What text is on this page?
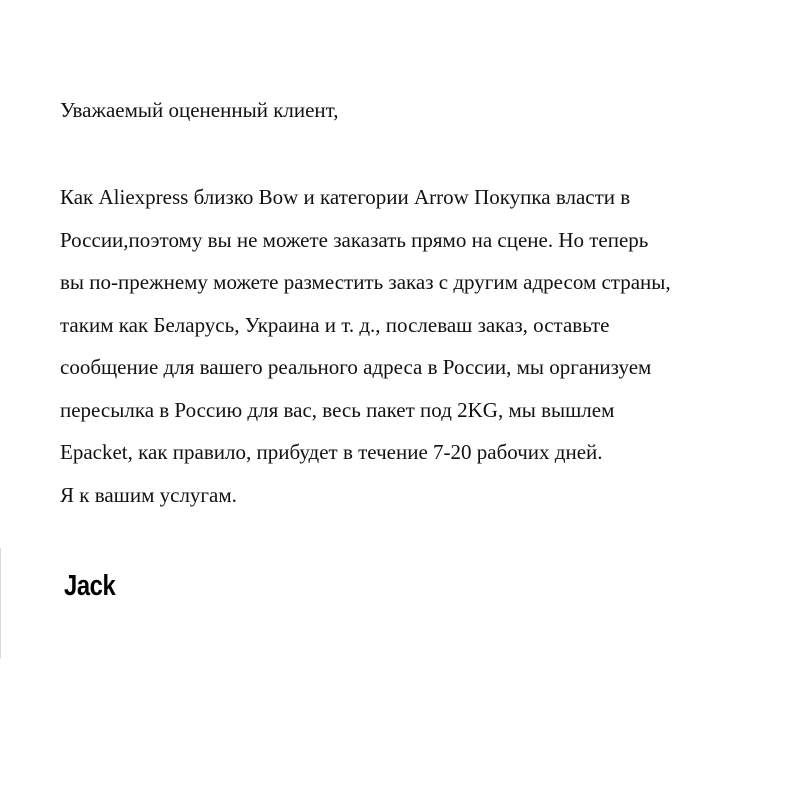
Уважаемый оцененный клиент,

Как Aliexpress близко Bow и категории Arrow Покупка власти в
России,поэтому вы не можете заказать прямо на сцене. Но теперь
вы по-прежнему можете разместить заказ с другим адресом страны,
таким как Беларусь, Украина и т. д., послеваш заказ, оставьте
сообщение для вашего реального адреса в России, мы организуем
пересылка в Россию для вас, весь пакет под 2KG, мы вышлем
Epacket, как правило, прибудет в течение 7-20 рабочих дней.
Я к вашим услугам.

Jack
